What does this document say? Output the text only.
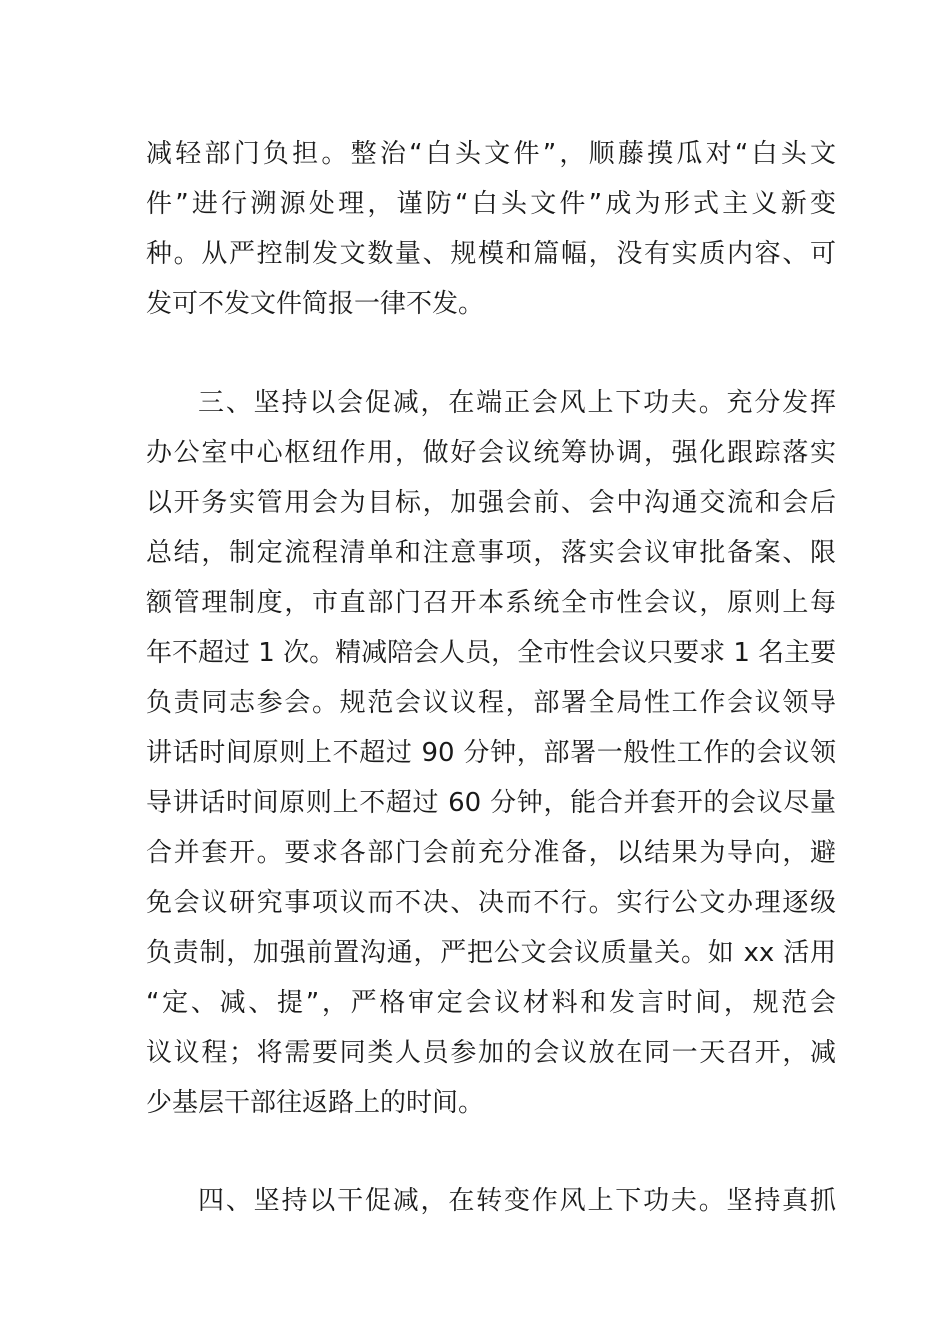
减轻部门负担。整治“白头文件”，顺藤摸瓜对“白头文
件”进行溯源处理，谨防“白头文件”成为形式主义新变
种。从严控制发文数量、规模和篇幅，没有实质内容、可
发可不发文件简报一律不发。
三、坚持以会促减，在端正会风上下功夫。充分发挥
办公室中心枢纽作用，做好会议统筹协调，强化跟踪落实
以开务实管用会为目标，加强会前、会中沟通交流和会后
总结，制定流程清单和注意事项，落实会议审批备案、限
额管理制度，市直部门召开本系统全市性会议，原则上每
年不超过 1 次。精减陪会人员，全市性会议只要求 1 名主要
负责同志参会。规范会议议程，部署全局性工作会议领导
讲话时间原则上不超过 90 分钟，部署一般性工作的会议领
导讲话时间原则上不超过 60 分钟，能合并套开的会议尽量
合并套开。要求各部门会前充分准备，以结果为导向，避
免会议研究事项议而不决、决而不行。实行公文办理逐级
负责制，加强前置沟通，严把公文会议质量关。如 xx 活用
“定、减、提”，严格审定会议材料和发言时间，规范会
议议程；将需要同类人员参加的会议放在同一天召开，减
少基层干部往返路上的时间。
四、坚持以干促减，在转变作风上下功夫。坚持真抓
